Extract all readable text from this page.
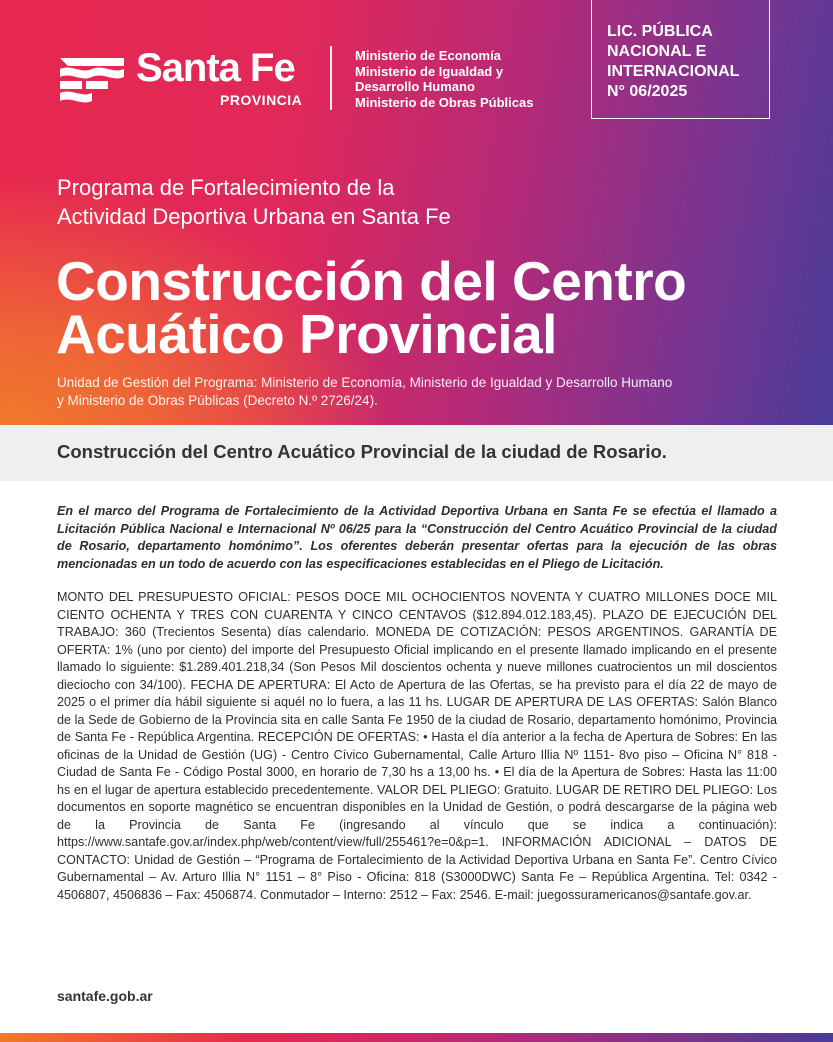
Santa Fe
PROVINCIA
Ministerio de Economía
Ministerio de Igualdad y
Desarrollo Humano
Ministerio de Obras Públicas
LIC. PÚBLICA
NACIONAL E
INTERNACIONAL
N° 06/2025
Programa de Fortalecimiento de la
Actividad Deportiva Urbana en Santa Fe
Construcción del Centro
Acuático Provincial
Unidad de Gestión del Programa: Ministerio de Economía, Ministerio de Igualdad y Desarrollo Humano
y Ministerio de Obras Públicas (Decreto N.º 2726/24).
Construcción del Centro Acuático Provincial de la ciudad de Rosario.

En el marco del Programa de Fortalecimiento de la Actividad Deportiva Urbana en Santa Fe se efectúa el llamado a Licitación Pública Nacional e Internacional Nº 06/25 para la “Construcción del Centro Acuático Provincial de la ciudad de Rosario, departamento homónimo”. Los oferentes deberán presentar ofertas para la ejecución de las obras mencionadas en un todo de acuerdo con las especificaciones establecidas en el Pliego de Licitación.

MONTO DEL PRESUPUESTO OFICIAL: PESOS DOCE MIL OCHOCIENTOS NOVENTA Y CUATRO MILLONES DOCE MIL CIENTO OCHENTA Y TRES CON CUARENTA Y CINCO CENTAVOS ($12.894.012.183,45). PLAZO DE EJECUCIÓN DEL TRABAJO: 360 (Trecientos Sesenta) días calendario. MONEDA DE COTIZACIÓN: PESOS ARGENTINOS. GARANTÍA DE OFERTA: 1% (uno por ciento) del importe del Presupuesto Oficial implicando en el presente llamado implicando en el presente llamado lo siguiente: $1.289.401.218,34 (Son Pesos Mil doscientos ochenta y nueve millones cuatrocientos un mil doscientos dieciocho con 34/100). FECHA DE APERTURA: El Acto de Apertura de las Ofertas, se ha previsto para el día 22 de mayo de 2025 o el primer día hábil siguiente si aquél no lo fuera, a las 11 hs. LUGAR DE APERTURA DE LAS OFERTAS: Salón Blanco de la Sede de Gobierno de la Provincia sita en calle Santa Fe 1950 de la ciudad de Rosario, departamento homónimo, Provincia de Santa Fe - República Argentina. RECEPCIÓN DE OFERTAS: • Hasta el día anterior a la fecha de Apertura de Sobres: En las oficinas de la Unidad de Gestión (UG) - Centro Cívico Gubernamental, Calle Arturo Illia Nº 1151- 8vo piso – Oficina N° 818 - Ciudad de Santa Fe - Código Postal 3000, en horario de 7,30 hs a 13,00 hs. • El día de la Apertura de Sobres: Hasta las 11:00 hs en el lugar de apertura establecido precedentemente. VALOR DEL PLIEGO: Gratuito. LUGAR DE RETIRO DEL PLIEGO: Los documentos en soporte magnético se encuentran disponibles en la Unidad de Gestión, o podrá descargarse de la página web de la Provincia de Santa Fe (ingresando al vínculo que se indica a continuación): https://www.santafe.gov.ar/index.php/web/content/view/full/255461?e=0&p=1. INFORMACIÓN ADICIONAL – DATOS DE CONTACTO: Unidad de Gestión – “Programa de Fortalecimiento de la Actividad Deportiva Urbana en Santa Fe”. Centro Cívico Gubernamental – Av. Arturo Illia N° 1151 – 8° Piso - Oficina: 818 (S3000DWC) Santa Fe – República Argentina. Tel: 0342 - 4506807, 4506836 – Fax: 4506874. Conmutador – Interno: 2512 – Fax: 2546. E-mail: juegossuramericanos@santafe.gov.ar.

santafe.gob.ar
